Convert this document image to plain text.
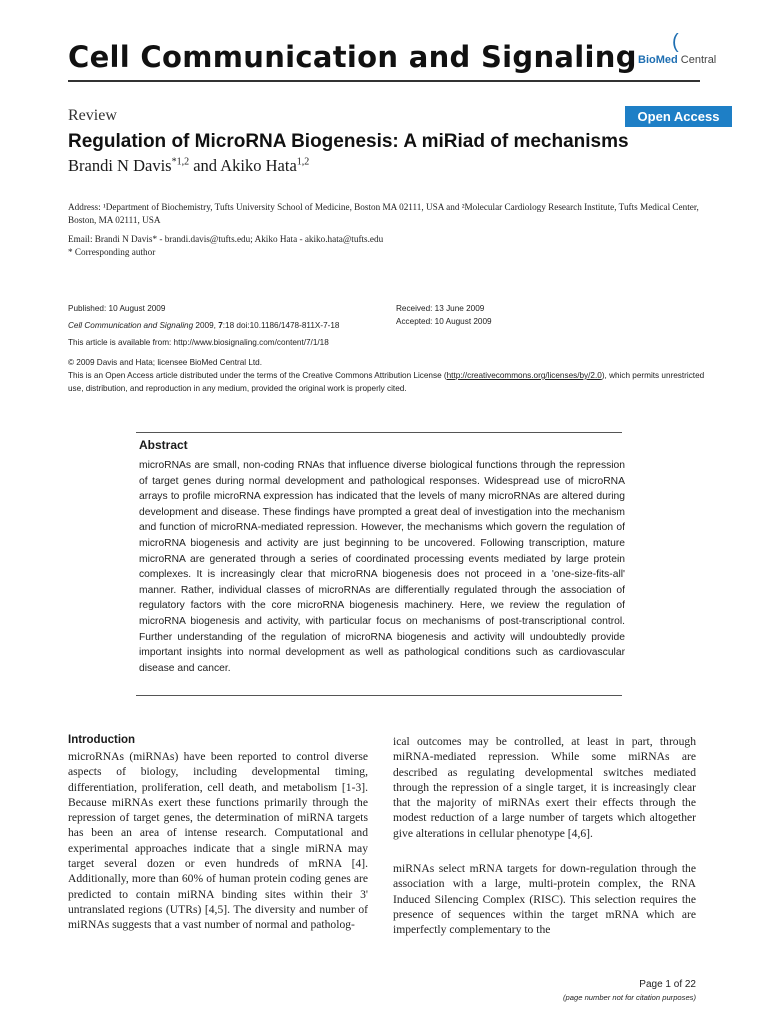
Cell Communication and Signaling (
BioMed Central
Review	Open Access
Regulation of MicroRNA Biogenesis: A miRiad of mechanisms
Brandi N Davis$^{*1,2}$ and Akiko Hata$^{1,2}$
Address: ¹Department of Biochemistry, Tufts University School of Medicine, Boston MA 02111, USA and ²Molecular Cardiology Research Institute, Tufts Medical Center, Boston, MA 02111, USA
Email: Brandi N Davis* - brandi.davis@tufts.edu; Akiko Hata - akiko.hata@tufts.edu
* Corresponding author
Published: 10 August 2009
Cell Communication and Signaling 2009, 7:18 doi:10.1186/1478-811X-7-18
Received: 13 June 2009
Accepted: 10 August 2009
This article is available from: http://www.biosignaling.com/content/7/1/18
© 2009 Davis and Hata; licensee BioMed Central Ltd.
This is an Open Access article distributed under the terms of the Creative Commons Attribution License (http://creativecommons.org/licenses/by/2.0), which permits unrestricted use, distribution, and reproduction in any medium, provided the original work is properly cited.
Abstract
microRNAs are small, non-coding RNAs that influence diverse biological functions through the repression of target genes during normal development and pathological responses. Widespread use of microRNA arrays to profile microRNA expression has indicated that the levels of many microRNAs are altered during development and disease. These findings have prompted a great deal of investigation into the mechanism and function of microRNA-mediated repression. However, the mechanisms which govern the regulation of microRNA biogenesis and activity are just beginning to be uncovered. Following transcription, mature microRNA are generated through a series of coordinated processing events mediated by large protein complexes. It is increasingly clear that microRNA biogenesis does not proceed in a 'one-size-fits-all' manner. Rather, individual classes of microRNAs are differentially regulated through the association of regulatory factors with the core microRNA biogenesis machinery. Here, we review the regulation of microRNA biogenesis and activity, with particular focus on mechanisms of post-transcriptional control. Further understanding of the regulation of microRNA biogenesis and activity will undoubtedly provide important insights into normal development as well as pathological conditions such as cardiovascular disease and cancer.
Introduction
microRNAs (miRNAs) have been reported to control diverse aspects of biology, including developmental timing, differentiation, proliferation, cell death, and metabolism [1-3]. Because miRNAs exert these functions primarily through the repression of target genes, the determination of miRNA targets has been an area of intense research. Computational and experimental approaches indicate that a single miRNA may target several dozen or even hundreds of mRNA [4]. Additionally, more than 60% of human protein coding genes are predicted to contain miRNA binding sites within their 3' untranslated regions (UTRs) [4,5]. The diversity and number of miRNAs suggests that a vast number of normal and patholog-
ical outcomes may be controlled, at least in part, through miRNA-mediated repression. While some miRNAs are described as regulating developmental switches mediated through the repression of a single target, it is increasingly clear that the majority of miRNAs exert their effects through the modest reduction of a large number of targets which altogether give alterations in cellular phenotype [4,6].
miRNAs select mRNA targets for down-regulation through the association with a large, multi-protein complex, the RNA Induced Silencing Complex (RISC). This selection requires the presence of sequences within the target mRNA which are imperfectly complementary to the
Page 1 of 22
(page number not for citation purposes)
